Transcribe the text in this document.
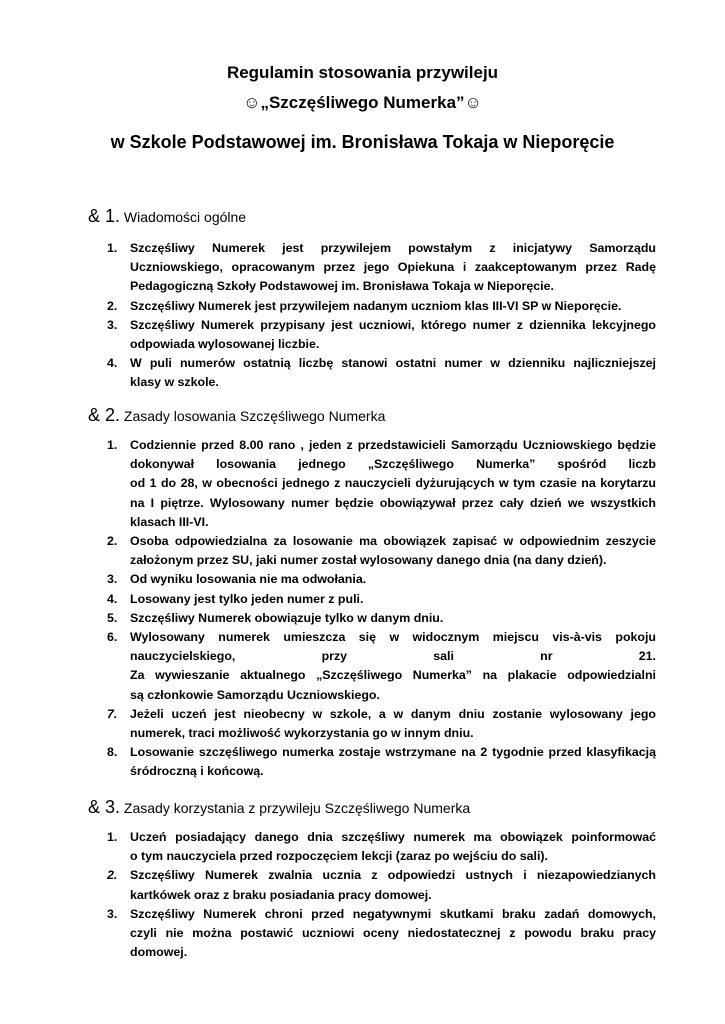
Regulamin stosowania przywileju
☺„Szczęśliwego Numerka”☺
w Szkole Podstawowej im. Bronisława Tokaja w Nieporęcie
& 1. Wiadomości ogólne
1.	Szczęśliwy Numerek jest przywilejem powstałym z inicjatywy Samorządu
Uczniowskiego, opracowanym przez jego Opiekuna i zaakceptowanym przez Radę
Pedagogiczną Szkoły Podstawowej im. Bronisława Tokaja w Nieporęcie.
2.	Szczęśliwy Numerek jest przywilejem nadanym uczniom klas III-VI SP w Nieporęcie.
3.	Szczęśliwy Numerek przypisany jest uczniowi, którego numer z dziennika lekcyjnego
odpowiada wylosowanej liczbie.
4.	W puli numerów ostatnią liczbę stanowi ostatni numer w dzienniku najliczniejszej
klasy w szkole.
& 2. Zasady losowania Szczęśliwego Numerka
1.	Codziennie przed 8.00 rano , jeden z przedstawicieli Samorządu Uczniowskiego będzie
dokonywał losowania jednego „Szczęśliwego Numerka” spośród liczb
od 1 do 28, w obecności jednego z nauczycieli dyżurujących w tym czasie na korytarzu
na I piętrze. Wylosowany numer będzie obowiązywał przez cały dzień we wszystkich
klasach III-VI.
2.	Osoba odpowiedzialna za losowanie ma obowiązek zapisać w odpowiednim zeszycie
założonym przez SU, jaki numer został wylosowany danego dnia (na dany dzień).
3.	Od wyniku losowania nie ma odwołania.
4.	Losowany jest tylko jeden numer z puli.
5.	Szczęśliwy Numerek obowiązuje tylko w danym dniu.
6.	Wylosowany numerek umieszcza się w widocznym miejscu vis-à-vis pokoju
nauczycielskiego, przy sali nr 21.
Za wywieszanie aktualnego „Szczęśliwego Numerka” na plakacie odpowiedzialni
są członkowie Samorządu Uczniowskiego.
7.	Jeżeli uczeń jest nieobecny w szkole, a w danym dniu zostanie wylosowany jego
numerek, traci możliwość wykorzystania go w innym dniu.
8.	Losowanie szczęśliwego numerka zostaje wstrzymane na 2 tygodnie przed klasyfikacją
śródroczną i końcową.
& 3. Zasady korzystania z przywileju Szczęśliwego Numerka
1.	Uczeń posiadający danego dnia szczęśliwy numerek ma obowiązek poinformować
o tym nauczyciela przed rozpoczęciem lekcji (zaraz po wejściu do sali).
2.	Szczęśliwy Numerek zwalnia ucznia z odpowiedzi ustnych i niezapowiedzianych
kartkówek oraz z braku posiadania pracy domowej.
3.	Szczęśliwy Numerek chroni przed negatywnymi skutkami braku zadań domowych,
czyli nie można postawić uczniowi oceny niedostatecznej z powodu braku pracy
domowej.
